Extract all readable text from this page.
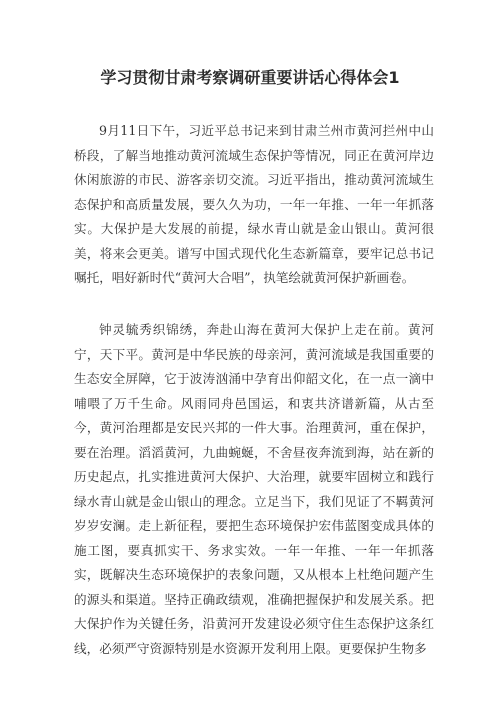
学习贯彻甘肃考察调研重要讲话心得体会1

9月11日下午，习近平总书记来到甘肃兰州市黄河拦州中山桥段，了解当地推动黄河流域生态保护等情况，同正在黄河岸边休闲旅游的市民、游客亲切交流。习近平指出，推动黄河流域生态保护和高质量发展，要久久为功，一年一年推、一年一年抓落实。大保护是大发展的前提，绿水青山就是金山银山。黄河很美，将来会更美。谱写中国式现代化生态新篇章，要牢记总书记嘱托，唱好新时代“黄河大合唱”，执笔绘就黄河保护新画卷。

钟灵毓秀织锦绣，奔赴山海在黄河大保护上走在前。黄河宁，天下平。黄河是中华民族的母亲河，黄河流域是我国重要的生态安全屏障，它于波涛汹涌中孕育出仰韶文化，在一点一滴中哺喂了万千生命。风雨同舟邑国运，和衷共济谱新篇，从古至今，黄河治理都是安民兴邦的一件大事。治理黄河，重在保护，要在治理。滔滔黄河，九曲蜿蜒，不舍昼夜奔流到海，站在新的历史起点，扎实推进黄河大保护、大治理，就要牢固树立和践行绿水青山就是金山银山的理念。立足当下，我们见证了不羁黄河岁岁安澜。走上新征程，要把生态环境保护宏伟蓝图变成具体的施工图，要真抓实干、务求实效。一年一年推、一年一年抓落实，既解决生态环境保护的表象问题，又从根本上杜绝问题产生的源头和渠道。坚持正确政绩观，准确把握保护和发展关系。把大保护作为关键任务，沿黄河开发建设必须守住生态保护这条红线，必须严守资源特别是水资源开发利用上限。更要保护生物多
